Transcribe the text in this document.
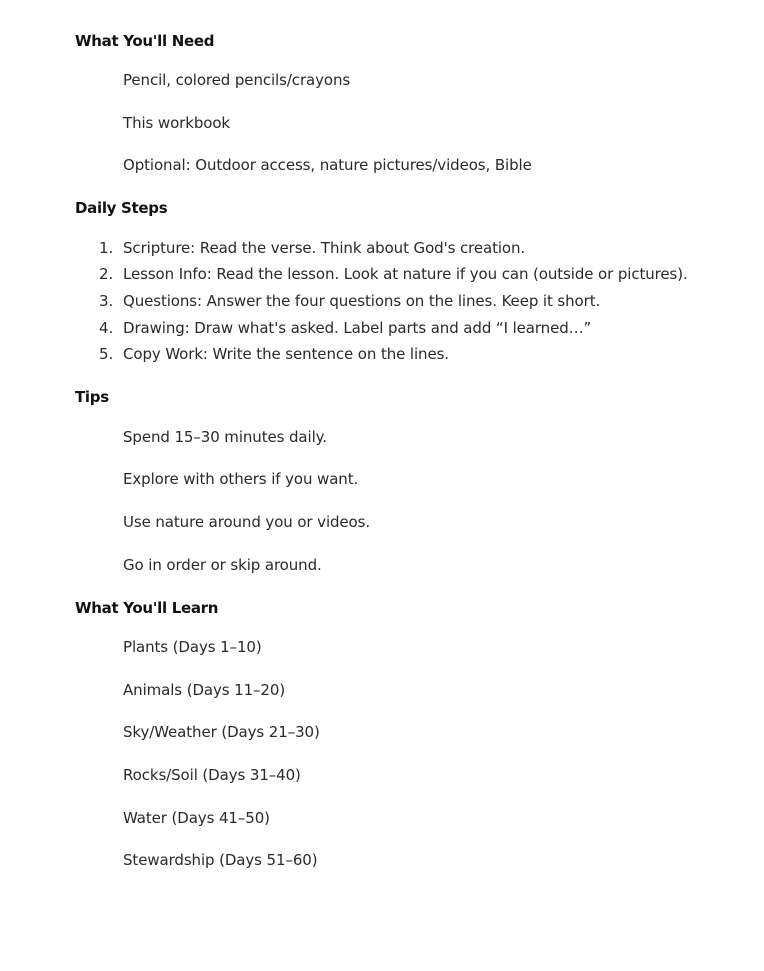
What You'll Need
Pencil, colored pencils/crayons
This workbook
Optional: Outdoor access, nature pictures/videos, Bible
Daily Steps
1. Scripture: Read the verse. Think about God's creation.
2. Lesson Info: Read the lesson. Look at nature if you can (outside or pictures).
3. Questions: Answer the four questions on the lines. Keep it short.
4. Drawing: Draw what's asked. Label parts and add “I learned…”
5. Copy Work: Write the sentence on the lines.
Tips
Spend 15–30 minutes daily.
Explore with others if you want.
Use nature around you or videos.
Go in order or skip around.
What You'll Learn
Plants (Days 1–10)
Animals (Days 11–20)
Sky/Weather (Days 21–30)
Rocks/Soil (Days 31–40)
Water (Days 41–50)
Stewardship (Days 51–60)
